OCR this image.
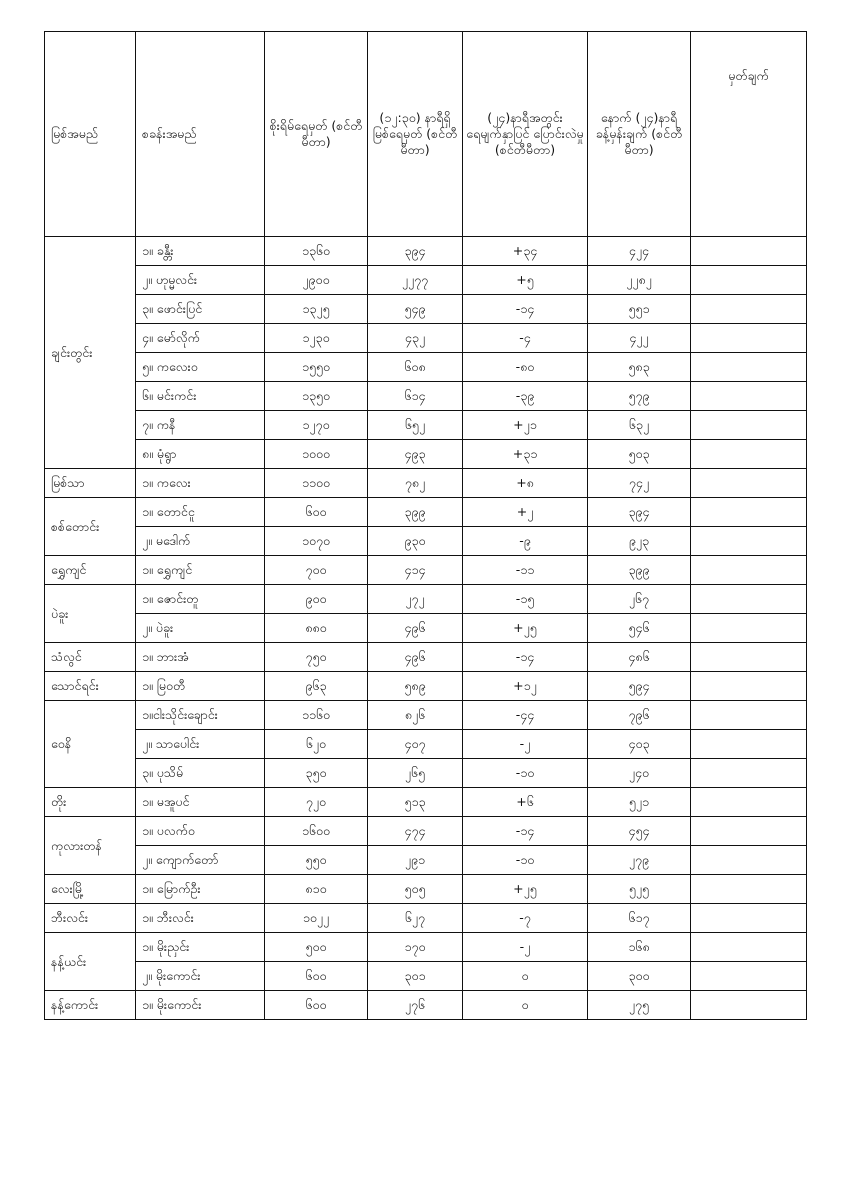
မြစ်အမည်	စခန်းအမည်	စိုးရိမ်ရေမှတ် (စင်တီမီတာ)	(၁၂:၃၀) နာရီရှိ မြစ်ရေမှတ် (စင်တီမီတာ)	(၂၄)နာရီအတွင်း ရေမျက်နှာပြင် ပြောင်းလဲမှု (စင်တီမီတာ)	နောက် (၂၄)နာရီ ခန့်မှန်းချက် (စင်တီမီတာ)	မှတ်ချက်
ချင်းတွင်း	၁။ ခန္တီး	၁၃၆၀	၃၉၄	+၃၄	၄၂၄	
	၂။ ဟုမ္မလင်း	၂၉၀၀	၂၂၇၇	+၅	၂၂၈၂	
	၃။ ဖောင်းပြင်	၁၃၂၅	၅၄၉	-၁၄	၅၅၁	
	၄။ မော်လိုက်	၁၂၃၀	၄၃၂	-၄	၄၂၂	
	၅။ ကလေးဝ	၁၅၅၀	၆၀၈	-၈၀	၅၈၃	
	၆။ မင်းကင်း	၁၃၅၀	၆၁၄	-၃၉	၅၇၉	
	၇။ ကနီ	၁၂၇၀	၆၅၂	+၂၁	၆၃၂	
	၈။ မုံရွာ	၁၀၀၀	၄၉၃	+၃၁	၅၀၃	
မြစ်သာ	၁။ ကလေး	၁၁၀၀	၇၈၂	+၈	၇၄၂	
စစ်တောင်း	၁။ တောင်ငူ	၆၀၀	၃၉၉	+၂	၃၉၄	
	၂။ မဒေါက်	၁၀၇၀	၉၃၀	-၉	၉၂၃	
ရွှေကျင်	၁။ ရွှေကျင်	၇၀၀	၄၁၄	-၁၁	၃၉၉	
ပဲခူး	၁။ ဇောင်းတူ	၉၀၀	၂၇၂	-၁၅	၂၆၇	
	၂။ ပဲခူး	၈၈၀	၄၉၆	+၂၅	၅၄၆	
သံလွင်	၁။ ဘားအံ	၇၅၀	၄၉၆	-၁၄	၄၈၆	
သောင်ရင်း	၁။ မြဝတီ	၉၆၃	၅၈၉	+၁၂	၅၉၄	
ဝေနိ	၁။ငါးသိုင်းချောင်း	၁၁၆၀	၈၂၆	-၄၄	၇၉၆	
	၂။ သာပေါင်း	၆၂၀	၄၀၇	-၂	၄၀၃	
	၃။ ပုသိမ်	၃၅၀	၂၆၅	-၁၀	၂၄၀	
တိုး	၁။ မအူပင်	၇၂၀	၅၁၃	+၆	၅၂၁	
ကုလားတန်	၁။ ပလက်ဝ	၁၆၀၀	၄၇၄	-၁၄	၄၅၄	
	၂။ ကျောက်တော်	၅၅၀	၂၉၁	-၁၀	၂၇၉	
လေးမြို့	၁။ မြောက်ဦး	၈၁၀	၅၀၅	+၂၅	၅၂၅	
ဘီးလင်း	၁။ ဘီးလင်း	၁၀၂၂	၆၂၇	-၇	၆၁၇	
နန့်ယင်း	၁။ မိုးညှင်း	၅၀၀	၁၇၀	-၂	၁၆၈	
	၂။ မိုးကောင်း	၆၀၀	၃၀၁	၀	၃၀၀	
နန့်ကောင်း	၁။ မိုးကောင်း	၆၀၀	၂၇၆	၀	၂၇၅	
